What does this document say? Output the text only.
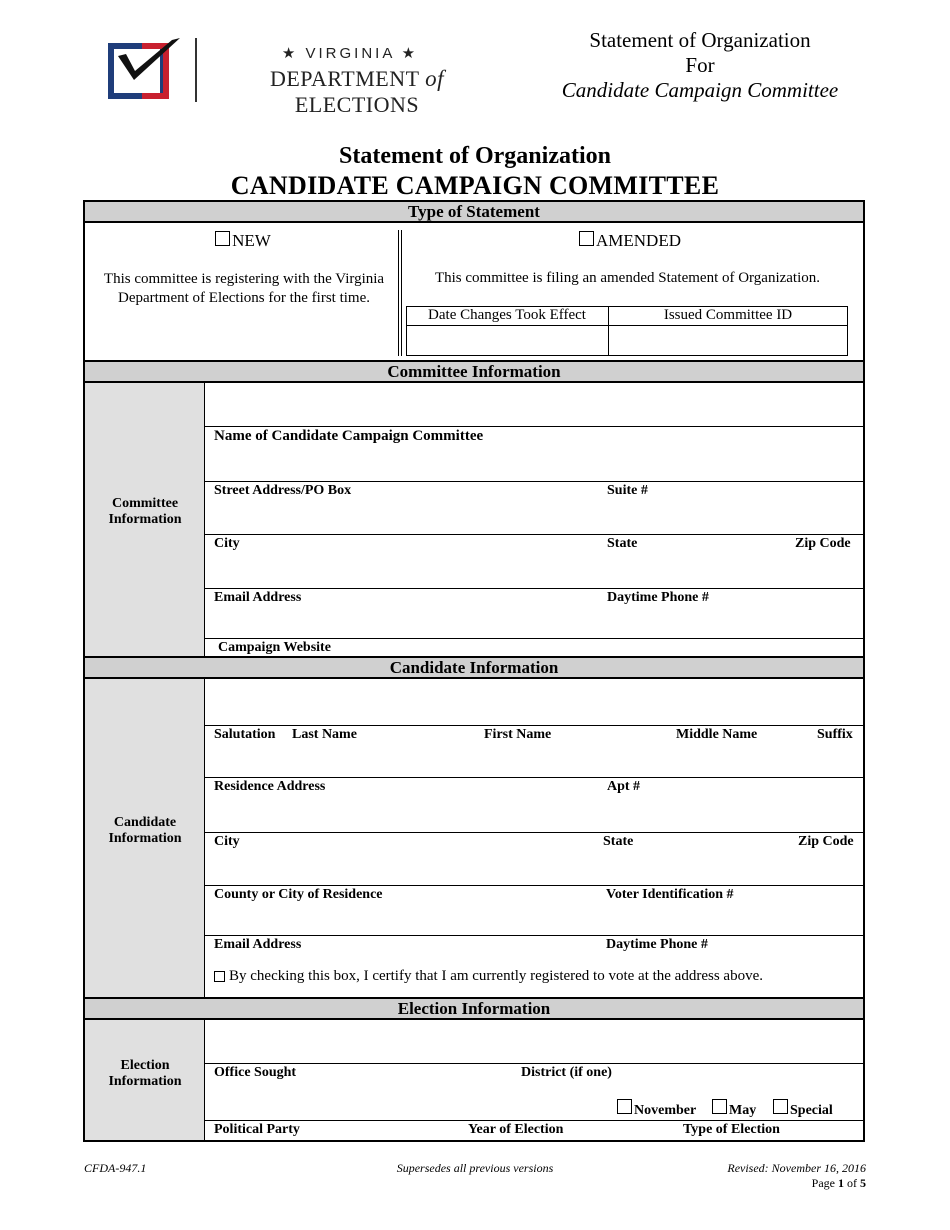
★ VIRGINIA ★
DEPARTMENT of ELECTIONS
Statement of Organization
For
Candidate Campaign Committee
Statement of Organization
CANDIDATE CAMPAIGN COMMITTEE
Type of Statement
NEW
This committee is registering with the Virginia Department of Elections for the first time.
AMENDED
This committee is filing an amended Statement of Organization.
Date Changes Took Effect	Issued Committee ID
Committee Information
Committee
Information
Name of Candidate Campaign Committee
Street Address/PO Box	Suite #
City	State	Zip Code
Email Address	Daytime Phone #
Campaign Website
Candidate Information
Candidate
Information
Salutation Last Name	First Name	Middle Name	Suffix
Residence Address	Apt #
City	State	Zip Code
County or City of Residence	Voter Identification #
Email Address	Daytime Phone #
By checking this box, I certify that I am currently registered to vote at the address above.
Election Information
Election
Information
Office Sought	District (if one)
November	May	Special
Political Party	Year of Election	Type of Election
CFDA-947.1	Supersedes all previous versions	Revised: November 16, 2016
Page 1 of 5
